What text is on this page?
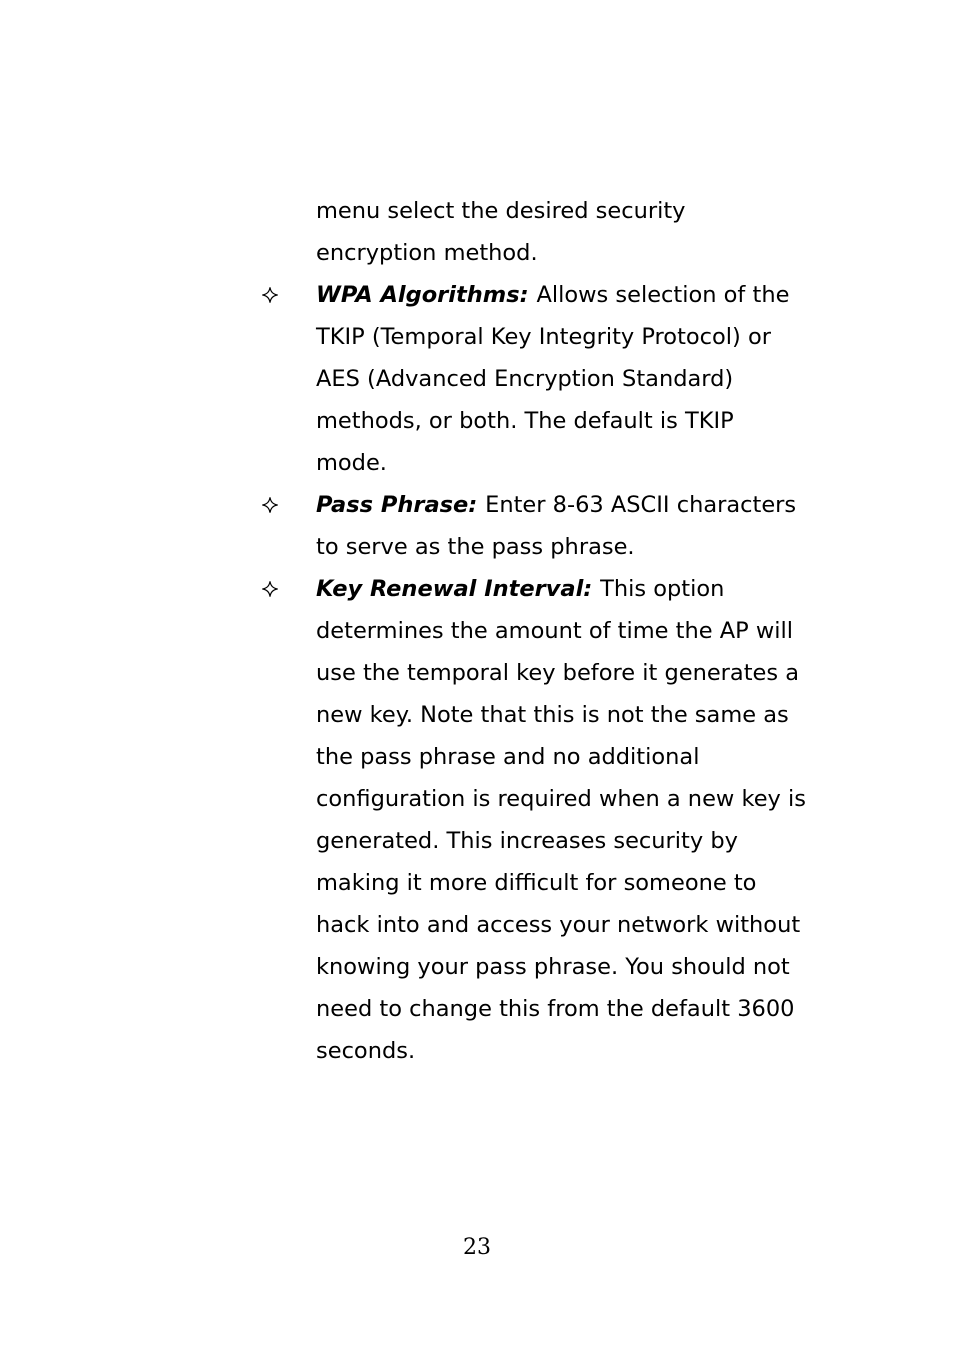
menu select the desired security encryption method.

WPA Algorithms: Allows selection of the TKIP (Temporal Key Integrity Protocol) or AES (Advanced Encryption Standard) methods, or both. The default is TKIP mode.
Pass Phrase: Enter 8-63 ASCII characters to serve as the pass phrase.
Key Renewal Interval: This option determines the amount of time the AP will use the temporal key before it generates a new key. Note that this is not the same as the pass phrase and no additional configuration is required when a new key is generated. This increases security by making it more difficult for someone to hack into and access your network without knowing your pass phrase. You should not need to change this from the default 3600 seconds.
23
